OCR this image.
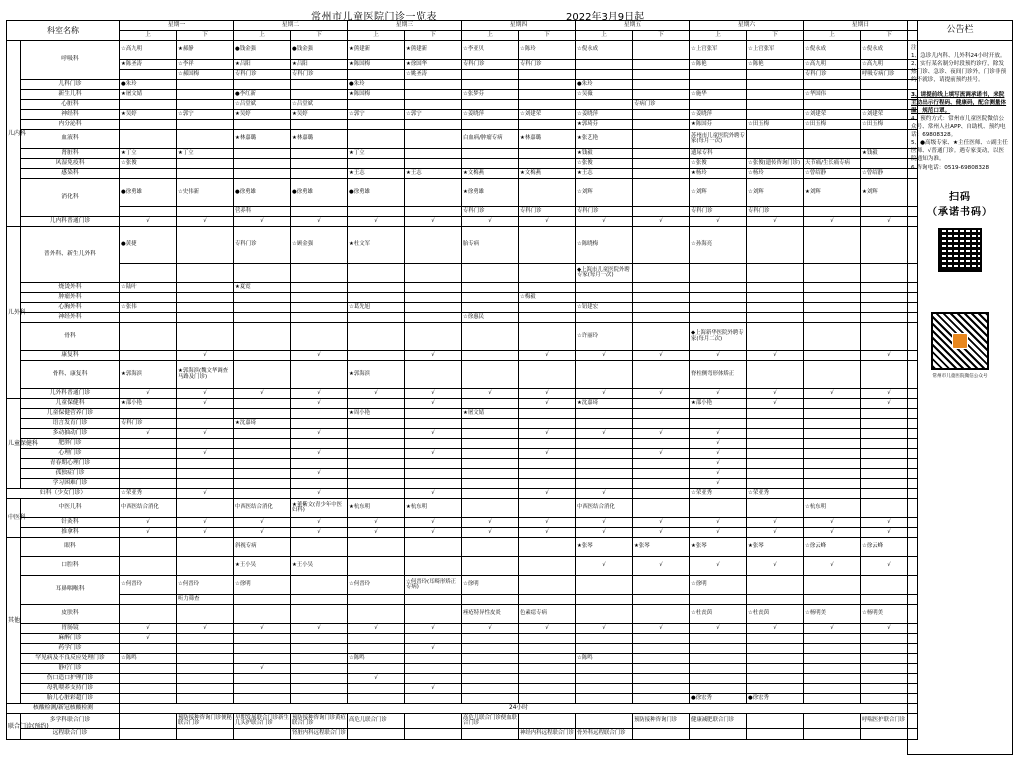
常州市儿童医院门诊一览表	2022年3月9日起
科室名称		星期一		星期二		星期三		星期四		星期五		星期六		星期日	
		上	下	上	下	上	下	上	下	上	下	上	下	上	下
儿内科	呼吸科	☆高九明	★郝静	●钱金强	●钱金强	★熊建新	★熊建新	☆李亚贝	☆陈玲	☆倪永成		☆上官张军	☆上官张军	☆倪永成	☆倪永成
		★陈圣涛	☆李祥	★吕阳	★吕阳	★陈国梅	★徐国华	专科门诊	专科门诊			☆陈艳	☆陈艳	☆高九明	☆高九明
			☆郝国梅	专科门诊	专科门诊		☆姚圣涛							专科门诊	呼吸专病门诊
	儿科门诊	●朱玲				●朱玲				●朱玲					
	新生儿科	★屠文婧		●李红新		★陈国梅		☆张梦芬		☆吴薇		☆施华		☆华国伟	
	心脏科			☆吕堂斌	☆吕堂斌						专病门诊				
	神经科	★吴婷	☆郭宁	★吴婷	★吴婷	☆郭宁	☆郭宁	☆姜晓萍	☆刘建荣	☆姜晓萍		☆姜晓萍		☆刘建荣	☆刘建荣
	内分泌科									★郭琦芬		★陈国芬	☆田玉梅	☆田玉梅	☆田玉梅
	血液科			★林嘉璐	★林嘉璐			白血病/肿瘤专病	★林嘉璐	★张艺艳		苏州市儿童医院外聘专家(每月一次)			
	肾脏科	★丁立	★丁立			★丁立				★钱毅		遗尿专科			★钱毅
	风湿免疫科	☆张俊								☆张俊		☆张俊	☆张俊(遗传咨询门诊)	天节痛/生长痛专病	
	感染科					★王志	★王志	★文梅燕	★文梅燕	★王志		★杨玲	☆杨玲	☆曾绍静	☆曾绍静
	消化科	●徐勇雄	☆史伟新	●徐勇雄	●徐勇雄	●徐勇雄		★徐勇雄		☆刘辉		☆刘辉	☆刘辉	★刘辉	★刘辉
				营养科				专科门诊	专科门诊	专科门诊		专科门诊	专科门诊		
	儿内科普通门诊	√	√	√	√	√	√	√	√	√	√	√	√	√	√
儿外科	普外科、新生儿外科	●黄捷		专科门诊	☆顾金强	★杜文军		胎专病		☆陈晓梅		☆孙海亮			
										◆上海市儿童医院外聘专家(每月一次)					
	烧烫外科	☆陆叶		★夏霓											
	肿瘤外科								☆梅毅						
	心胸外科	☆张伟				☆葛先旭				☆钮建宏					
	神经外科							☆徐惠民							
	骨科									☆许丽玲		◆上海新华医院外聘专家(每月二次)			
	康复科		√		√		√		√	√	√	√	√		√
	骨科、康复科	★郭海滨	★郭海滨(魏文华调查马路及门诊)			★郭海滨						脊柱侧弯形体矫正			
	儿外科普通门诊	√	√	√	√	√	√	√	√	√	√	√	√	√	√
儿童保健科	儿童保健科	★邵小艳	√		√		√		√	★沈嘉琦		★邵小艳	√		√
	儿童保健营养门诊					★周小艳		★屠文婧							
	语言发育门诊	专科门诊		★沈嘉琦											
	多动抽动门诊	√	√		√		√		√	√	√	√			
	肥胖门诊											√			
	心理门诊		√		√		√		√		√	√			
	青春期心理门诊											√			
	孤独症门诊				√							√			
	学习困难门诊											√			
妇科（少女门诊）		☆荣亚秀	√		√		√		√	√		☆荣亚秀	☆荣亚秀		
中医科	中医儿科	中西医结合消化		中西医结合消化	★董紫文(青少年中医妇科)	★杭东明	★杭东明			中西医结合消化				☆杭东明	
	针灸科	√	√	√	√	√	√	√	√	√	√	√	√	√	√
	推拿科	√	√	√	√	√	√	√	√	√	√	√	√	√	√
其他	眼科			斜视专病						★张琴	★张琴	★张琴	★张琴	☆徐云峰	☆徐云峰
	口腔科			★王小吴	★王小吴					√	√	√	√	√	√
	耳鼻咽喉科	☆何晋玲	☆何晋玲	☆徐明		☆何晋玲	☆何晋玲(耳畸形矫正专病)	☆徐明				☆徐明			
			听力筛查												
	皮肤科							痤疮特异性皮炎	色素痣专病			☆杜丧茵	☆杜丧茵	☆杨明美	☆杨明美
	胃肠镜	√	√	√	√	√	√	√	√	√	√	√	√	√	√
	麻醉门诊	√													
	药学门诊						√								
	罕见病及不良反应处理门诊	☆陈鸣				☆陈鸣				☆陈鸣					
	静疗门诊			√											
	伤口造口护理门诊					√									
	母乳喂养支持门诊						√								
	胎儿心脏彩超门诊											●徐宏秀	●徐宏秀		
核酸检测/新冠核酸检测		24小时													
联合门诊(预约)	多学科联合门诊		预防接种咨询门诊便秘联合门诊	早期发展联合门诊新生儿头护联合门诊	预防接种咨询门诊黄疸联合门诊	高危儿联合门诊		高危儿联合门诊便血联合门诊			预防接种咨询门诊	健康减肥联合门诊			呼喘医护联合门诊
	远程联合门诊				肾脏内科远程联合门诊				神经内科远程联合门诊	骨外科远程联合门诊					
公告栏
注:
1、急诊儿内科、儿外科24小时开放。
2、实行某名制分时段预约诊疗，除发热门诊、急诊、夜间门诊外，门诊非预约不就诊，请提前预约挂号。
3、请提前线上填写流调承诺书，来院主动出示行程码、健康码，配合测量体温，规范口罩。
4、预约方式：常州市儿童医院微信公众号、常州人社APP、自助机、预约电话：69808328。
5、●高级专家、★主任医师、☆副主任医师、√普通门诊。遇专家变动，以医院通知为准。
6.咨询电话：0519-69808328
扫码
（承诺书码）
常州市儿童医院微信公众号
